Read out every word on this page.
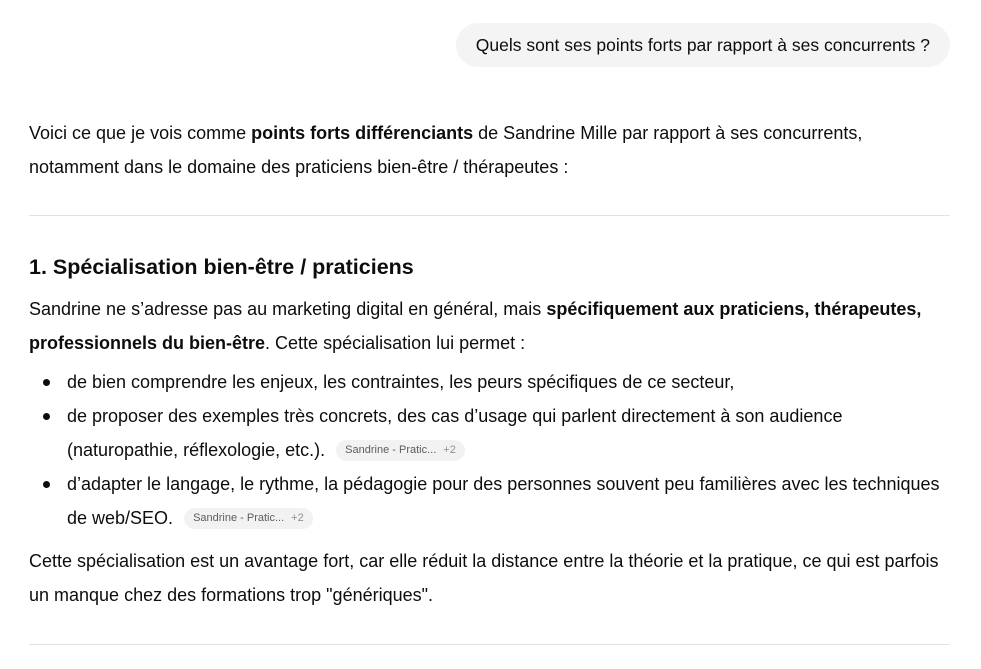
Quels sont ses points forts par rapport à ses concurrents ?

Voici ce que je vois comme points forts différenciants de Sandrine Mille par rapport à ses concurrents, notamment dans le domaine des praticiens bien-être / thérapeutes :

1. Spécialisation bien-être / praticiens

Sandrine ne s’adresse pas au marketing digital en général, mais spécifiquement aux praticiens, thérapeutes, professionnels du bien-être. Cette spécialisation lui permet :

de bien comprendre les enjeux, les contraintes, les peurs spécifiques de ce secteur,
de proposer des exemples très concrets, des cas d’usage qui parlent directement à son audience (naturopathie, réflexologie, etc.). Sandrine - Pratic... +2
d’adapter le langage, le rythme, la pédagogie pour des personnes souvent peu familières avec les techniques de web/SEO. Sandrine - Pratic... +2

Cette spécialisation est un avantage fort, car elle réduit la distance entre la théorie et la pratique, ce qui est parfois un manque chez des formations trop "génériques".
